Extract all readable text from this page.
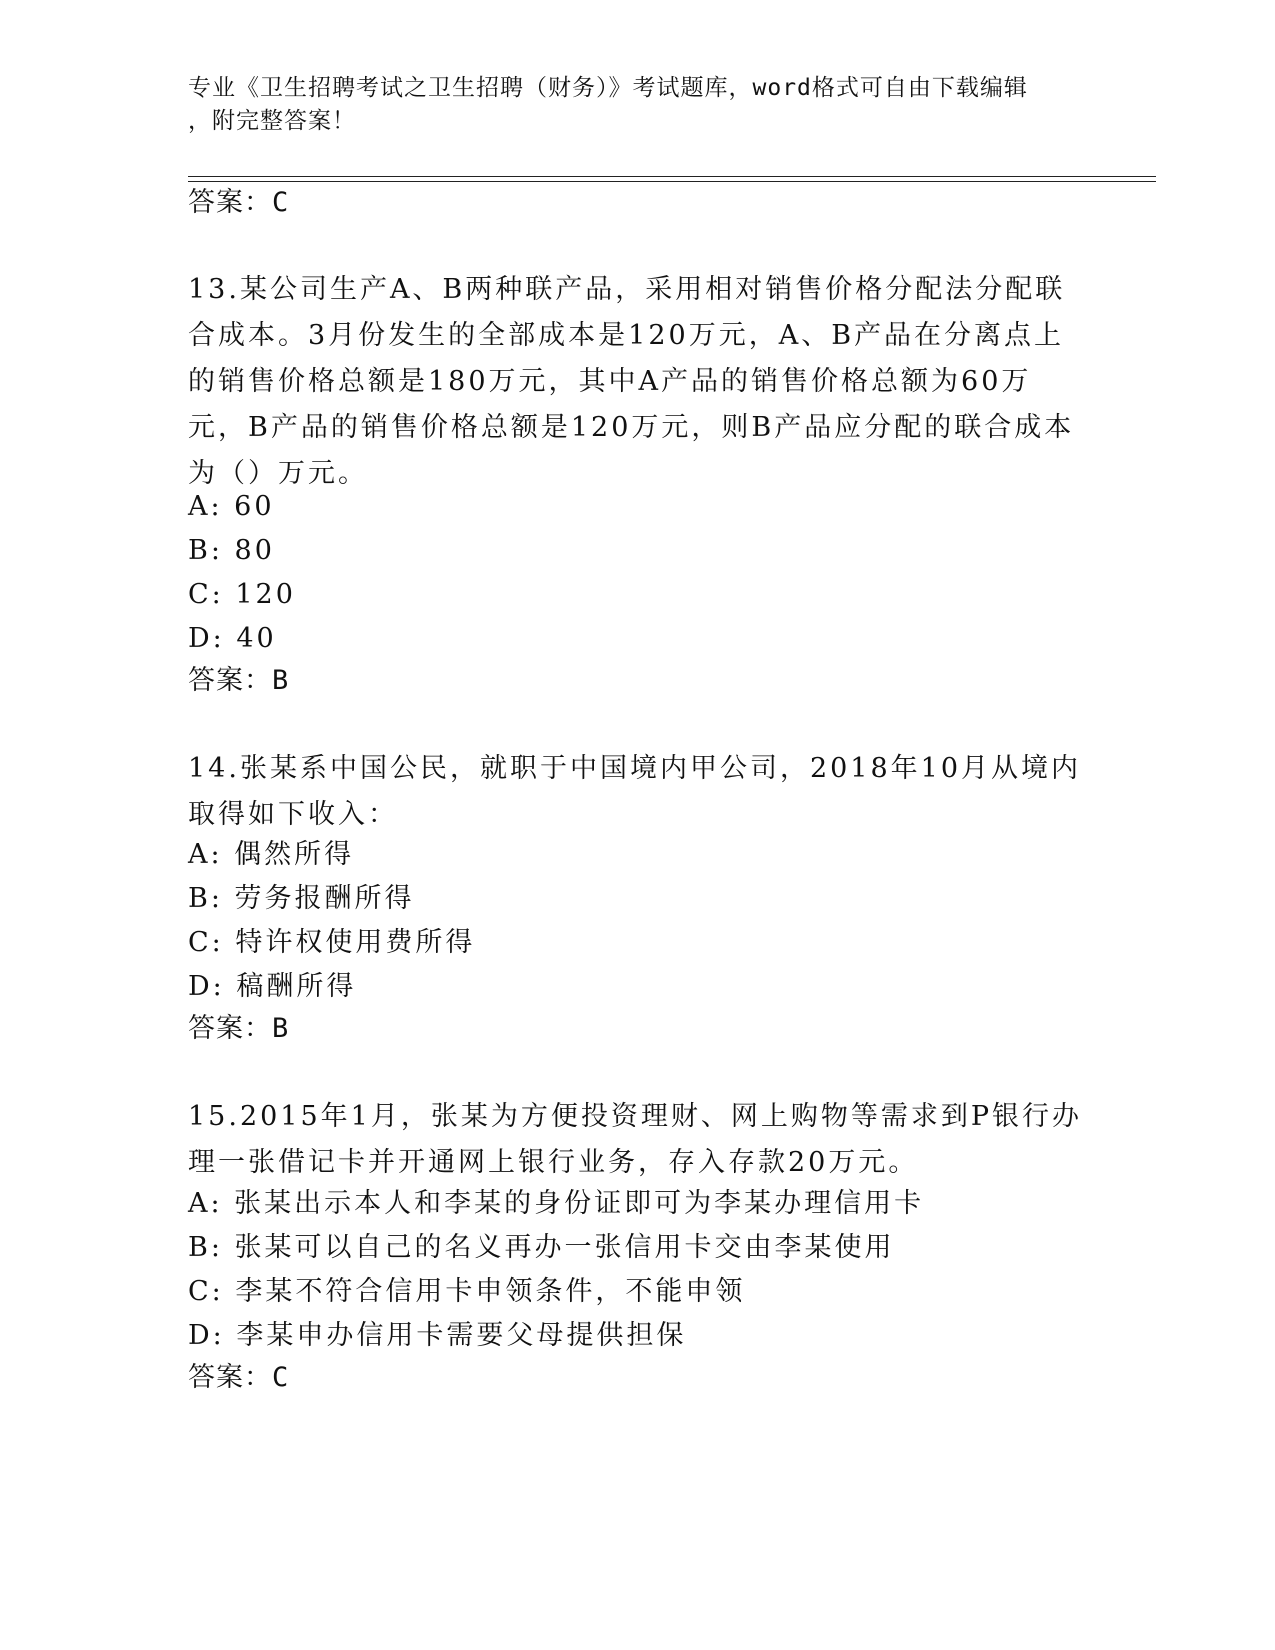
专业《卫生招聘考试之卫生招聘（财务）》考试题库，word格式可自由下载编辑
，附完整答案！
答案：C
13.某公司生产A、B两种联产品，采用相对销售价格分配法分配联合成本。3月份发生的全部成本是120万元，A、B产品在分离点上的销售价格总额是180万元，其中A产品的销售价格总额为60万元，B产品的销售价格总额是120万元，则B产品应分配的联合成本为（）万元。
A: 60
B: 80
C: 120
D: 40
答案：B
14.张某系中国公民，就职于中国境内甲公司，2018年10月从境内取得如下收入：
A: 偶然所得
B: 劳务报酬所得
C: 特许权使用费所得
D: 稿酬所得
答案：B
15.2015年1月，张某为方便投资理财、网上购物等需求到P银行办理一张借记卡并开通网上银行业务，存入存款20万元。
A: 张某出示本人和李某的身份证即可为李某办理信用卡
B: 张某可以自己的名义再办一张信用卡交由李某使用
C: 李某不符合信用卡申领条件，不能申领
D: 李某申办信用卡需要父母提供担保
答案：C
